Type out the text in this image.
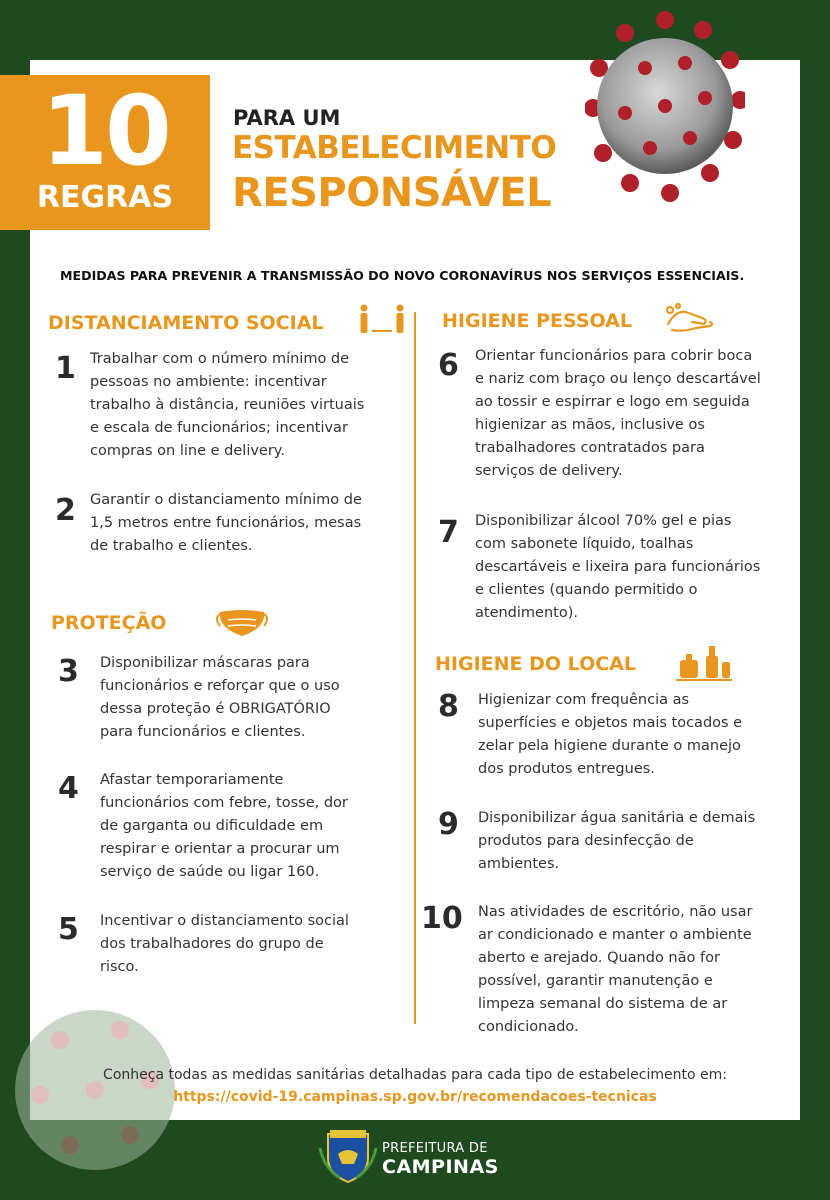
10
REGRAS
PARA UM
ESTABELECIMENTO
RESPONSÁVEL
MEDIDAS PARA PREVENIR A TRANSMISSÃO DO NOVO CORONAVÍRUS NOS SERVIÇOS ESSENCIAIS.
DISTANCIAMENTO SOCIAL
PROTEÇÃO
HIGIENE PESSOAL
HIGIENE DO LOCAL
1 Trabalhar com o número mínimo de
pessoas no ambiente: incentivar
trabalho à distância, reuniões virtuais
e escala de funcionários; incentivar
compras on line e delivery.
2 Garantir o distanciamento mínimo de
1,5 metros entre funcionários, mesas
de trabalho e clientes.
3 Disponibilizar máscaras para
funcionários e reforçar que o uso
dessa proteção é OBRIGATÓRIO
para funcionários e clientes.
4 Afastar temporariamente
funcionários com febre, tosse, dor
de garganta ou dificuldade em
respirar e orientar a procurar um
serviço de saúde ou ligar 160.
5 Incentivar o distanciamento social
dos trabalhadores do grupo de
risco.
6 Orientar funcionários para cobrir boca
e nariz com braço ou lenço descartável
ao tossir e espirrar e logo em seguida
higienizar as mãos, inclusive os
trabalhadores contratados para
serviços de delivery.
7 Disponibilizar álcool 70% gel e pias
com sabonete líquido, toalhas
descartáveis e lixeira para funcionários
e clientes (quando permitido o
atendimento).
8 Higienizar com frequência as
superfícies e objetos mais tocados e
zelar pela higiene durante o manejo
dos produtos entregues.
9 Disponibilizar água sanitária e demais
produtos para desinfecção de
ambientes.
10 Nas atividades de escritório, não usar
ar condicionado e manter o ambiente
aberto e arejado. Quando não for
possível, garantir manutenção e
limpeza semanal do sistema de ar
condicionado.
Conheça todas as medidas sanitárias detalhadas para cada tipo de estabelecimento em:
https://covid-19.campinas.sp.gov.br/recomendacoes-tecnicas
PREFEITURA DE
CAMPINAS
